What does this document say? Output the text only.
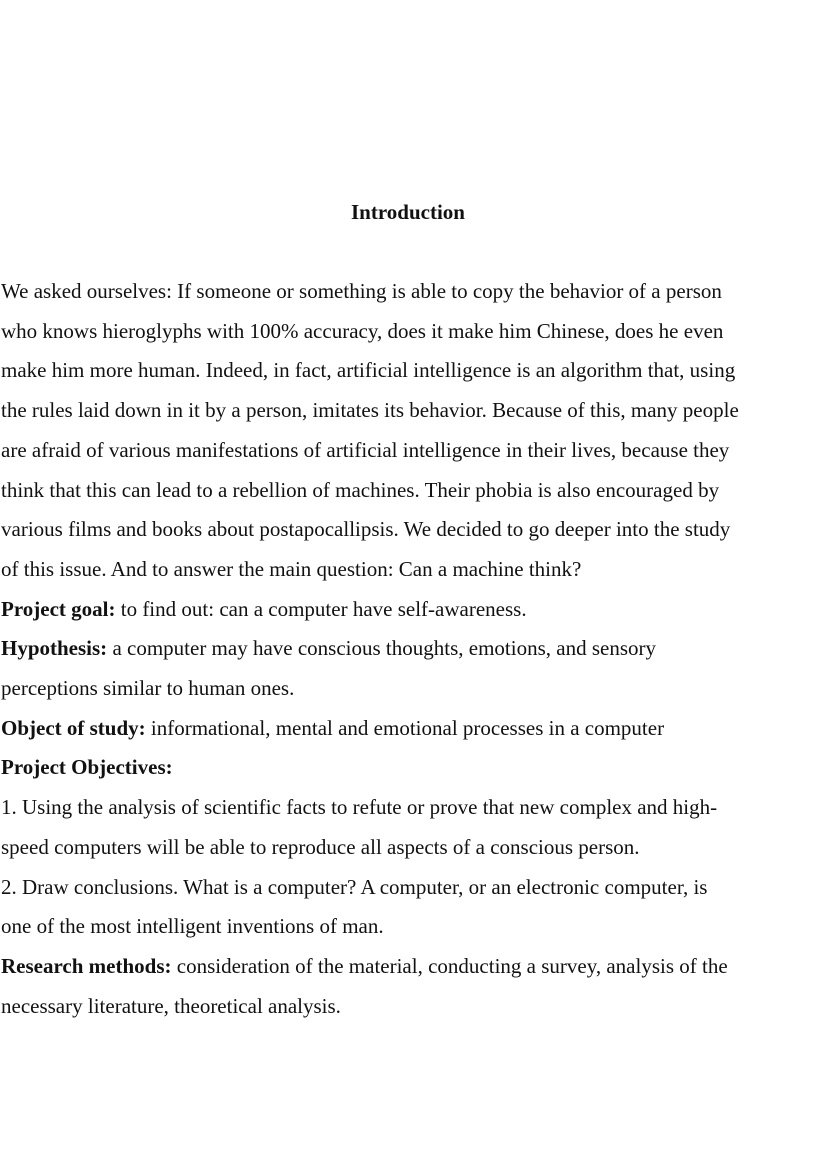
Introduction

We asked ourselves: If someone or something is able to copy the behavior of a person

who knows hieroglyphs with 100% accuracy, does it make him Chinese, does he even

make him more human. Indeed, in fact, artificial intelligence is an algorithm that, using

the rules laid down in it by a person, imitates its behavior. Because of this, many people

are afraid of various manifestations of artificial intelligence in their lives, because they

think that this can lead to a rebellion of machines. Their phobia is also encouraged by

various films and books about postapocallipsis. We decided to go deeper into the study

of this issue. And to answer the main question: Can a machine think?

Project goal: to find out: can a computer have self-awareness.

Hypothesis: a computer may have conscious thoughts, emotions, and sensory

perceptions similar to human ones.

Object of study: informational, mental and emotional processes in a computer

Project Objectives:

1. Using the analysis of scientific facts to refute or prove that new complex and high-

speed computers will be able to reproduce all aspects of a conscious person.

2. Draw conclusions. What is a computer? A computer, or an electronic computer, is

one of the most intelligent inventions of man.

Research methods: consideration of the material, conducting a survey, analysis of the

necessary literature, theoretical analysis.
